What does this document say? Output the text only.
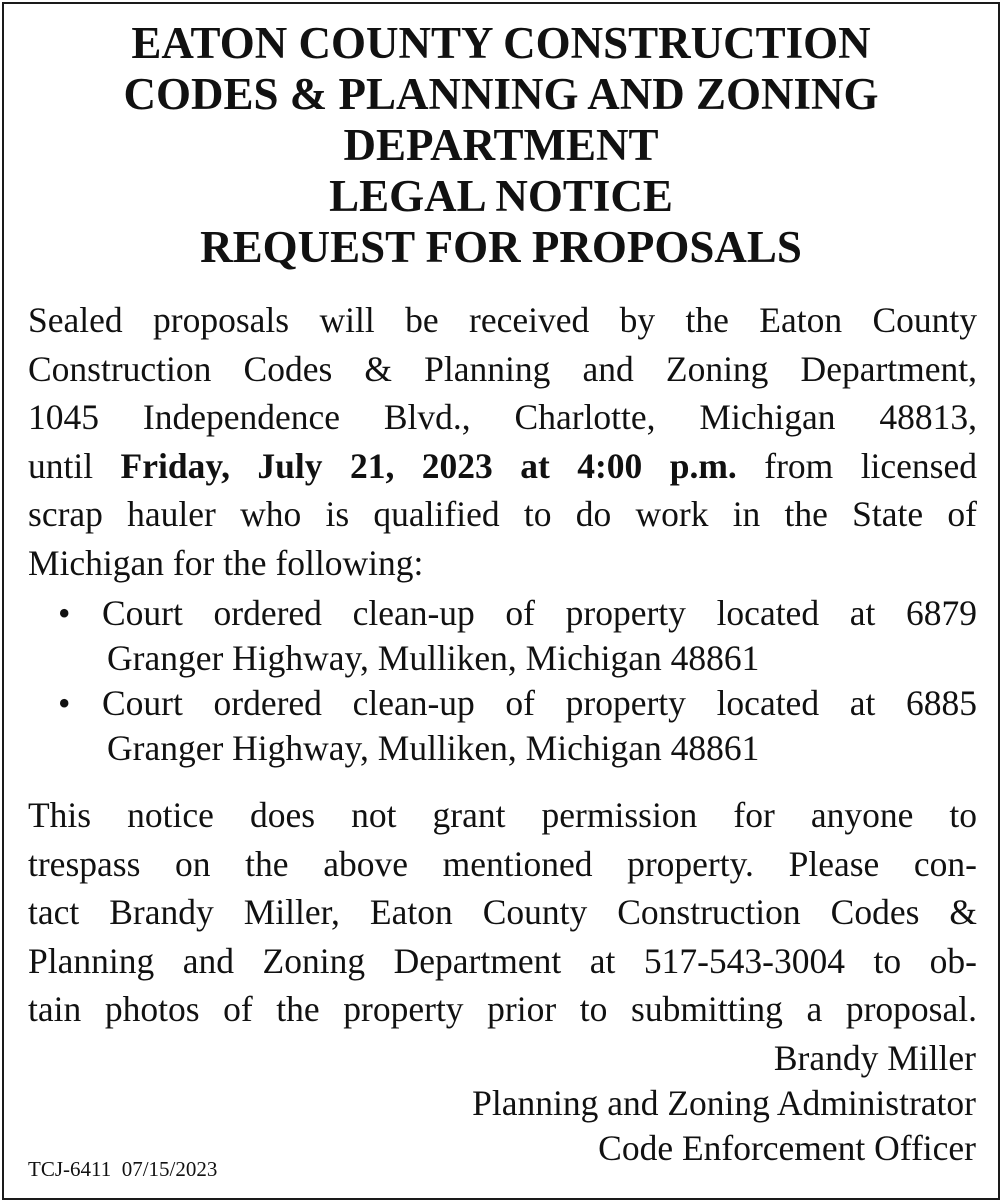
EATON COUNTY CONSTRUCTION
CODES & PLANNING AND ZONING
DEPARTMENT
LEGAL NOTICE
REQUEST FOR PROPOSALS
Sealed proposals will be received by the Eaton County
Construction Codes & Planning and Zoning Department,
1045 Independence Blvd., Charlotte, Michigan 48813,
until Friday, July 21, 2023 at 4:00 p.m. from licensed
scrap hauler who is qualified to do work in the State of
Michigan for the following:
• Court ordered clean-up of property located at 6879
Granger Highway, Mulliken, Michigan 48861
• Court ordered clean-up of property located at 6885
Granger Highway, Mulliken, Michigan 48861
This notice does not grant permission for anyone to
trespass on the above mentioned property. Please con-
tact Brandy Miller, Eaton County Construction Codes &
Planning and Zoning Department at 517-543-3004 to ob-
tain photos of the property prior to submitting a proposal.
Brandy Miller
Planning and Zoning Administrator
Code Enforcement Officer
TCJ-6411  07/15/2023
